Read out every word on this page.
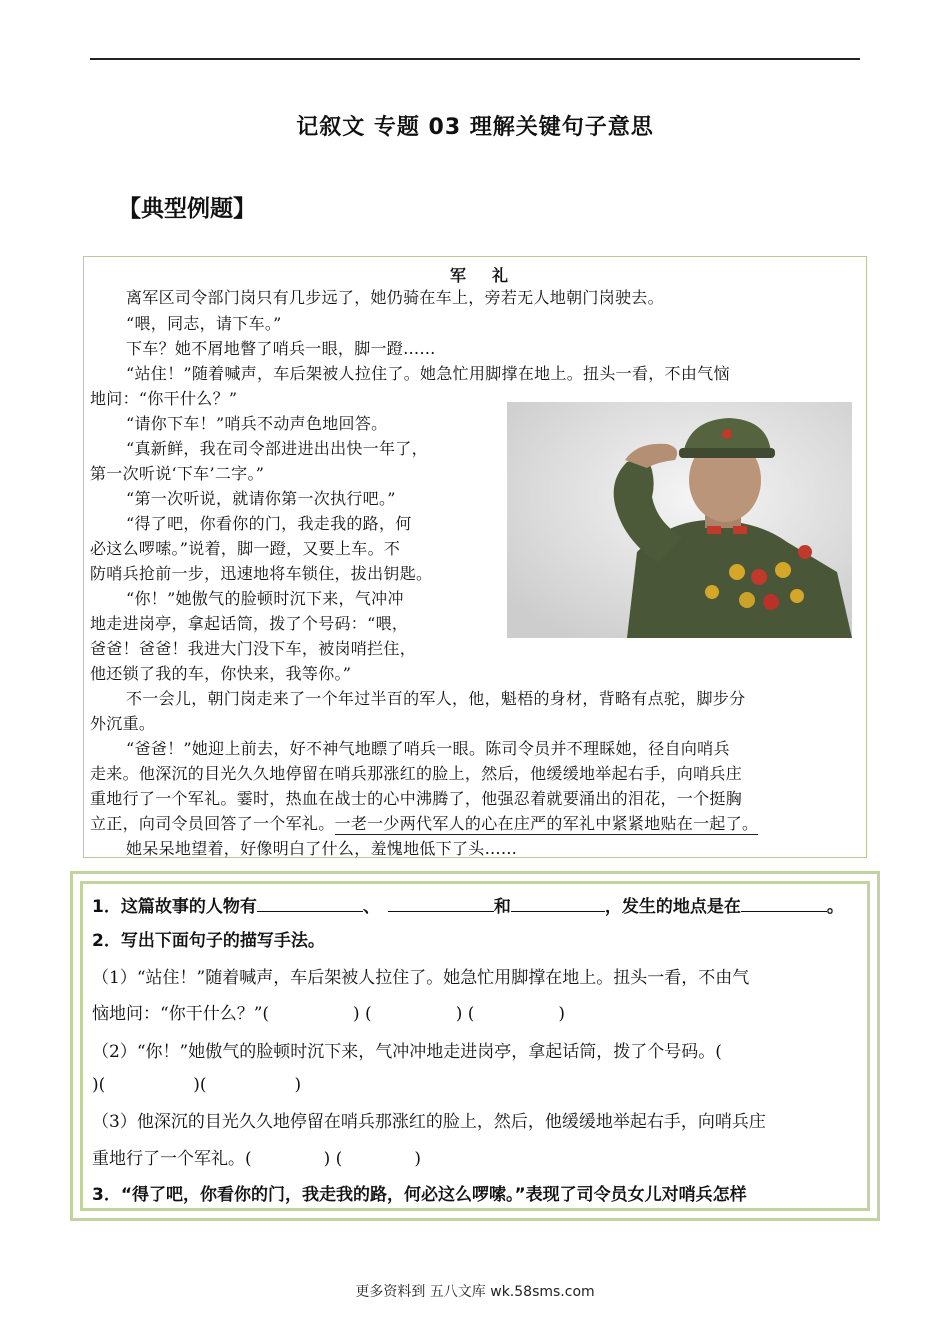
记叙文 专题 03 理解关键句子意思
【典型例题】
军礼
离军区司令部门岗只有几步远了，她仍骑在车上，旁若无人地朝门岗驶去。
“喂，同志，请下车。”
下车？她不屑地瞥了哨兵一眼，脚一蹬……
“站住！”随着喊声，车后架被人拉住了。她急忙用脚撑在地上。扭头一看，不由气恼
地问：“你干什么？”
“请你下车！”哨兵不动声色地回答。
“真新鲜，我在司令部进进出出快一年了，
第一次听说‘下车’二字。”
“第一次听说，就请你第一次执行吧。”
“得了吧，你看你的门，我走我的路，何
必这么啰嗦。”说着，脚一蹬，又要上车。不
防哨兵抢前一步，迅速地将车锁住，拔出钥匙。
“你！”她傲气的脸顿时沉下来，气冲冲
地走进岗亭，拿起话筒，拨了个号码：“喂，
爸爸！爸爸！我进大门没下车，被岗哨拦住，
他还锁了我的车，你快来，我等你。”
不一会儿，朝门岗走来了一个年过半百的军人，他，魁梧的身材，背略有点驼，脚步分
外沉重。
“爸爸！”她迎上前去，好不神气地瞟了哨兵一眼。陈司令员并不理睬她，径自向哨兵
走来。他深沉的目光久久地停留在哨兵那涨红的脸上，然后，他缓缓地举起右手，向哨兵庄
重地行了一个军礼。霎时，热血在战士的心中沸腾了，他强忍着就要涌出的泪花，一个挺胸
立正，向司令员回答了一个军礼。一老一少两代军人的心在庄严的军礼中紧紧地贴在一起了。
她呆呆地望着，好像明白了什么，羞愧地低下了头……
1．这篇故事的人物有	、	和	，发生的地点是在	。
2．写出下面句子的描写手法。
（1）“站住！”随着喊声，车后架被人拉住了。她急忙用脚撑在地上。扭头一看，不由气
恼地问：“你干什么？”(	) (	) (	)
（2）“你！”她傲气的脸顿时沉下来，气冲冲地走进岗亭，拿起话筒，拨了个号码。(
)(	)(	)
（3）他深沉的目光久久地停留在哨兵那涨红的脸上，然后，他缓缓地举起右手，向哨兵庄
重地行了一个军礼。(	) (	)
3．“得了吧，你看你的门，我走我的路，何必这么啰嗦。”表现了司令员女儿对哨兵怎样
更多资料到 五八文库 wk.58sms.com
